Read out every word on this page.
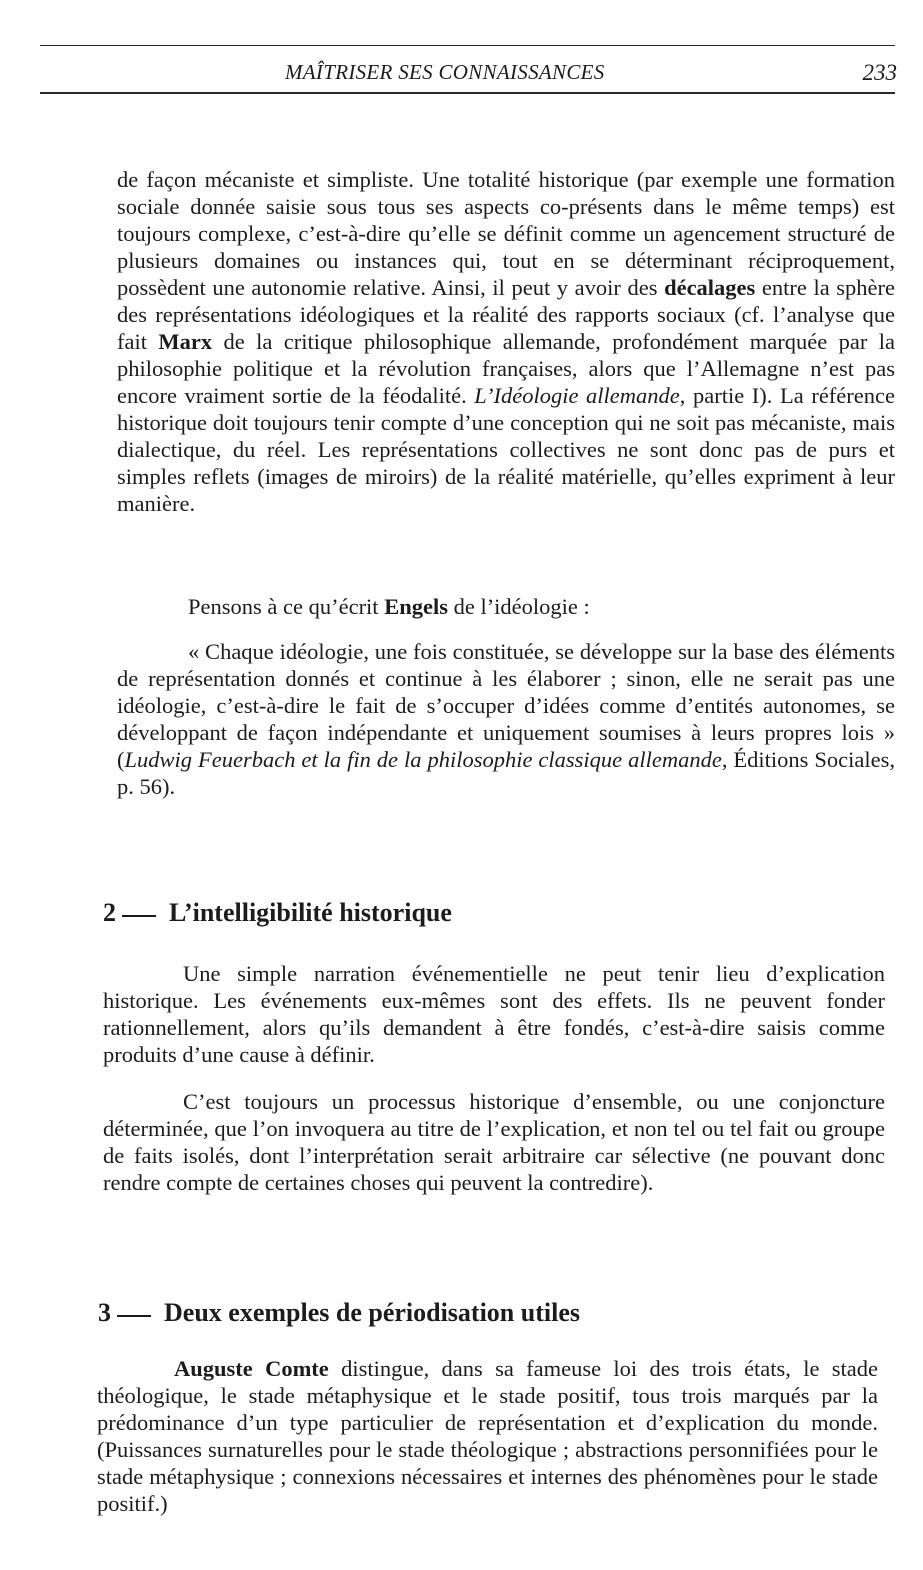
MAÎTRISER SES CONNAISSANCES	233

de façon mécaniste et simpliste. Une totalité historique (par exemple une formation sociale donnée saisie sous tous ses aspects co-présents dans le même temps) est toujours complexe, c’est-à-dire qu’elle se définit comme un agencement structuré de plusieurs domaines ou instances qui, tout en se déterminant réciproquement, possèdent une autonomie relative. Ainsi, il peut y avoir des décalages entre la sphère des représentations idéologiques et la réalité des rapports sociaux (cf. l’analyse que fait Marx de la critique philosophique allemande, profondément marquée par la philosophie politique et la révolution françaises, alors que l’Allemagne n’est pas encore vraiment sortie de la féodalité. L’Idéologie allemande, partie I). La référence historique doit toujours tenir compte d’une conception qui ne soit pas mécaniste, mais dialectique, du réel. Les représentations collectives ne sont donc pas de purs et simples reflets (images de miroirs) de la réalité matérielle, qu’elles expriment à leur manière.

Pensons à ce qu’écrit Engels de l’idéologie :

« Chaque idéologie, une fois constituée, se développe sur la base des éléments de représentation donnés et continue à les élaborer ; sinon, elle ne serait pas une idéologie, c’est-à-dire le fait de s’occuper d’idées comme d’entités autonomes, se développant de façon indépendante et uniquement soumises à leurs propres lois » (Ludwig Feuerbach et la fin de la philosophie classique allemande, Éditions Sociales, p. 56).

2 L’intelligibilité historique

Une simple narration événementielle ne peut tenir lieu d’explication historique. Les événements eux-mêmes sont des effets. Ils ne peuvent fonder rationnellement, alors qu’ils demandent à être fondés, c’est-à-dire saisis comme produits d’une cause à définir.

C’est toujours un processus historique d’ensemble, ou une conjoncture déterminée, que l’on invoquera au titre de l’explication, et non tel ou tel fait ou groupe de faits isolés, dont l’interprétation serait arbitraire car sélective (ne pouvant donc rendre compte de certaines choses qui peuvent la contredire).

3 Deux exemples de périodisation utiles

Auguste Comte distingue, dans sa fameuse loi des trois états, le stade théologique, le stade métaphysique et le stade positif, tous trois marqués par la prédominance d’un type particulier de représentation et d’explication du monde. (Puissances surnaturelles pour le stade théologique ; abstractions personnifiées pour le stade métaphysique ; connexions nécessaires et internes des phénomènes pour le stade positif.)
